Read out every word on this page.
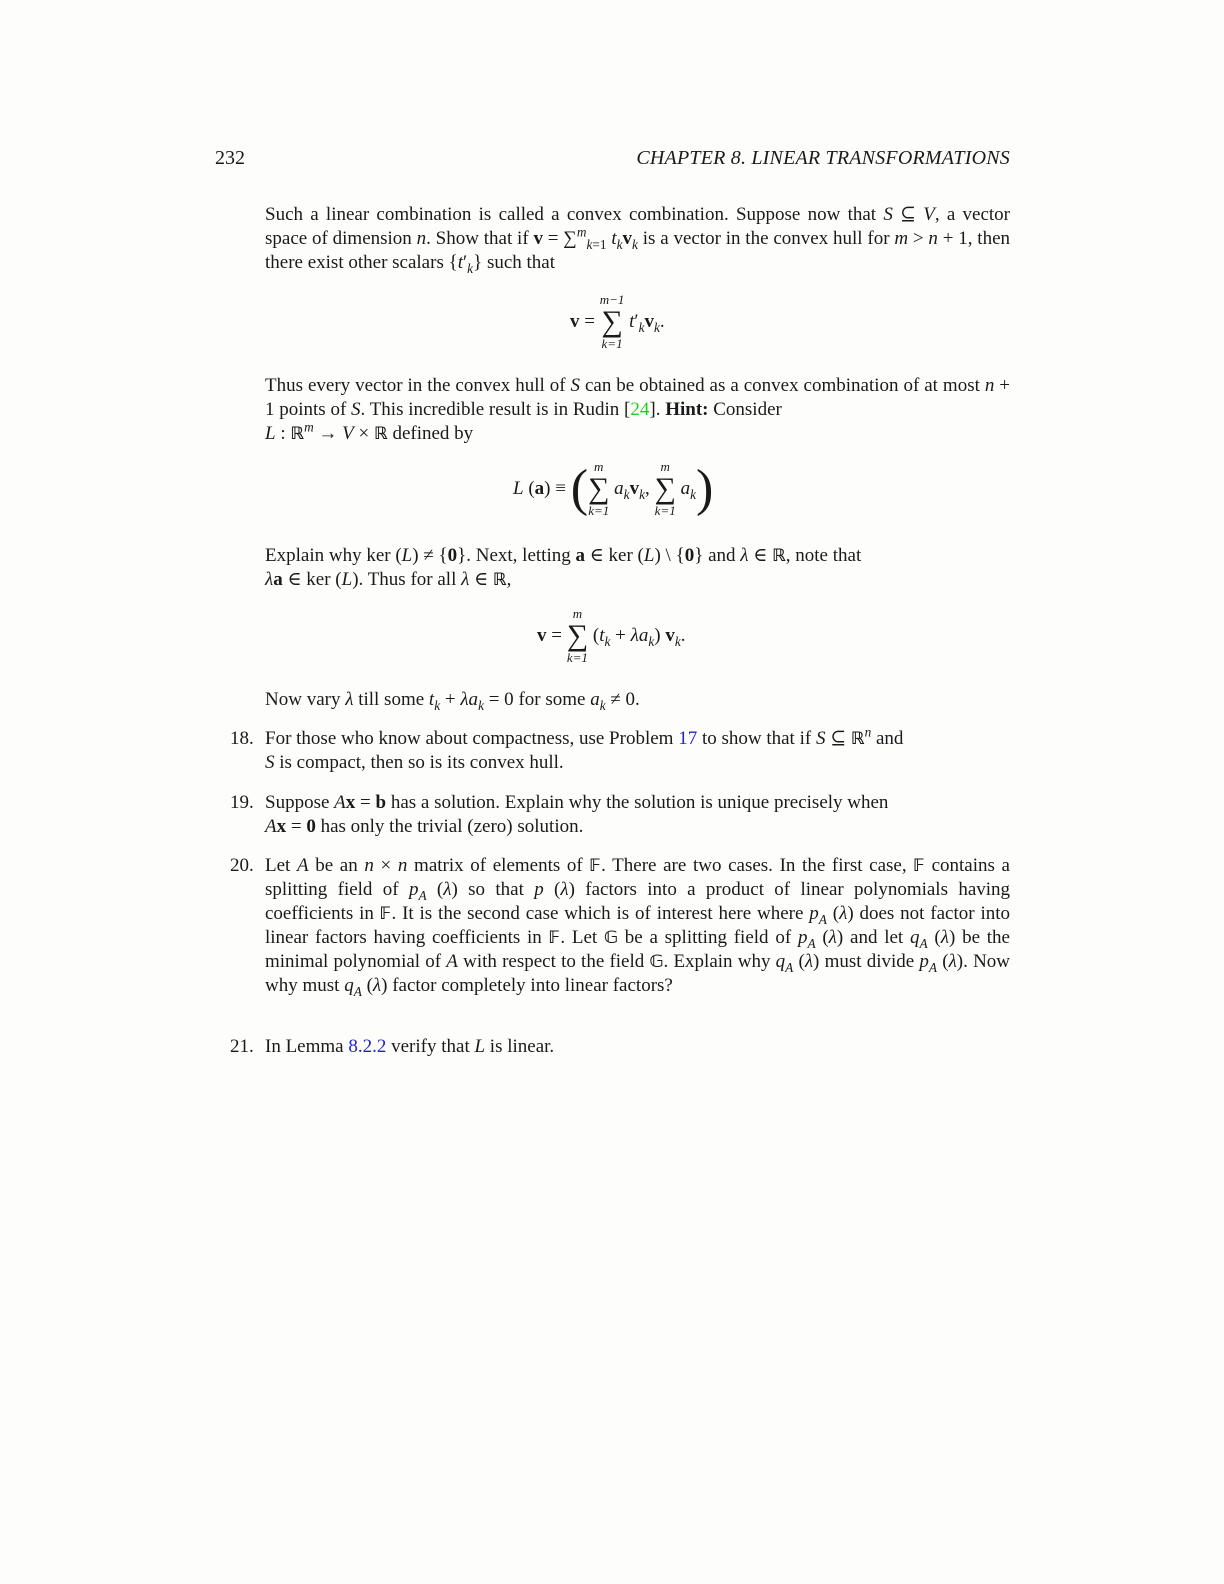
232	CHAPTER 8. LINEAR TRANSFORMATIONS
Such a linear combination is called a convex combination. Suppose now that S ⊆ V, a vector space of dimension n. Show that if v = ∑$^m_{k=1}$ $t_kv_k$ is a vector in the convex hull for m > n + 1, then there exist other scalars $\{t'_k\}$ such that
v =
m−1
∑
k=1
$t'_kv_k$.
Thus every vector in the convex hull of S can be obtained as a convex combination of at most n + 1 points of S. This incredible result is in Rudin [24]. Hint: Consider
L : ℝ$^m$ → V × ℝ defined by
L (a) ≡ ( m
∑
k=1
$a_kv_k$,
m
∑
k=1
$a_k$)
Explain why ker (L) ≠ {0}. Next, letting a ∈ ker (L) \ {0} and λ ∈ ℝ, note that
λa ∈ ker (L). Thus for all λ ∈ ℝ,
v =
m
∑
k=1
$(t_k + \lambda a_k)$ $v_k$.
Now vary λ till some $t_k + \lambda a_k = 0$ for some $a_k \ne 0$.
18. For those who know about compactness, use Problem 17 to show that if S ⊆ ℝ$^n$ and
S is compact, then so is its convex hull.
19. Suppose Ax = b has a solution. Explain why the solution is unique precisely when
Ax = 0 has only the trivial (zero) solution.
20. Let A be an n × n matrix of elements of 𝔽. There are two cases. In the first case, 𝔽 contains a splitting field of $p_A$ (λ) so that p (λ) factors into a product of linear polynomials having coefficients in 𝔽. It is the second case which is of interest here where $p_A$ (λ) does not factor into linear factors having coefficients in 𝔽. Let 𝔾 be a splitting field of $p_A$ (λ) and let $q_A$ (λ) be the minimal polynomial of A with respect to the field 𝔾. Explain why $q_A$ (λ) must divide $p_A$ (λ). Now why must $q_A$ (λ) factor completely into linear factors?
21. In Lemma 8.2.2 verify that L is linear.
